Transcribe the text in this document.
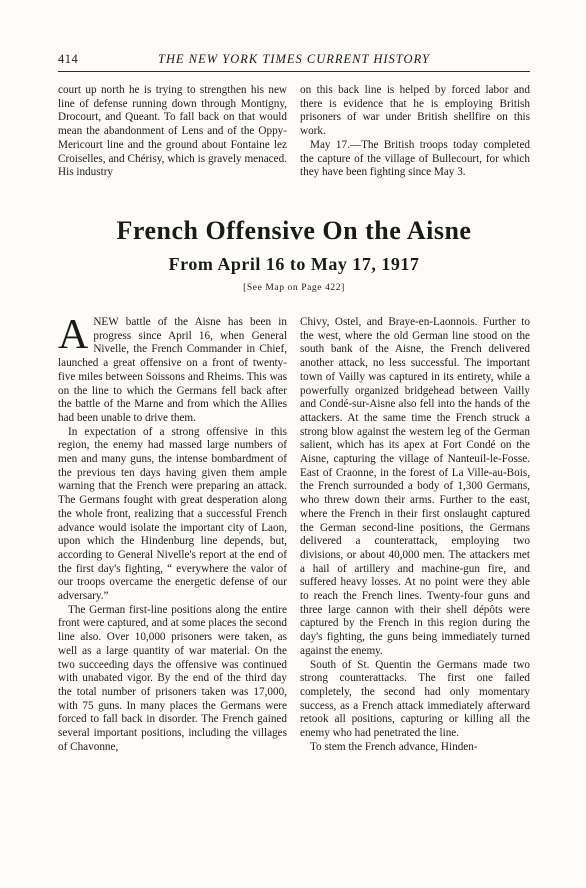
414	THE NEW YORK TIMES CURRENT HISTORY

court up north he is trying to strengthen his new line of defense running down through Montigny, Drocourt, and Queant. To fall back on that would mean the abandonment of Lens and of the Oppy-Mericourt line and the ground about Fontaine lez Croiselles, and Chérisy, which is gravely menaced. His industry

on this back line is helped by forced labor and there is evidence that he is employing British prisoners of war under British shellfire on this work.

May 17.—The British troops today completed the capture of the village of Bullecourt, for which they have been fighting since May 3.

French Offensive On the Aisne
From April 16 to May 17, 1917
[See Map on Page 422]

ANEW battle of the Aisne has been in progress since April 16, when General Nivelle, the French Commander in Chief, launched a great offensive on a front of twenty-five miles between Soissons and Rheims. This was on the line to which the Germans fell back after the battle of the Marne and from which the Allies had been unable to drive them.

In expectation of a strong offensive in this region, the enemy had massed large numbers of men and many guns, the intense bombardment of the previous ten days having given them ample warning that the French were preparing an attack. The Germans fought with great desperation along the whole front, realizing that a successful French advance would isolate the important city of Laon, upon which the Hindenburg line depends, but, according to General Nivelle's report at the end of the first day's fighting, “ everywhere the valor of our troops overcame the energetic defense of our adversary.”

The German first-line positions along the entire front were captured, and at some places the second line also. Over 10,000 prisoners were taken, as well as a large quantity of war material. On the two succeeding days the offensive was continued with unabated vigor. By the end of the third day the total number of prisoners taken was 17,000, with 75 guns. In many places the Germans were forced to fall back in disorder. The French gained several important positions, including the villages of Chavonne,

Chivy, Ostel, and Braye-en-Laonnois. Further to the west, where the old German line stood on the south bank of the Aisne, the French delivered another attack, no less successful. The important town of Vailly was captured in its entirety, while a powerfully organized bridgehead between Vailly and Condé-sur-Aisne also fell into the hands of the attackers. At the same time the French struck a strong blow against the western leg of the German salient, which has its apex at Fort Condé on the Aisne, capturing the village of Nanteuil-le-Fosse. East of Craonne, in the forest of La Ville-au-Bois, the French surrounded a body of 1,300 Germans, who threw down their arms. Further to the east, where the French in their first onslaught captured the German second-line positions, the Germans delivered a counterattack, employing two divisions, or about 40,000 men. The attackers met a hail of artillery and machine-gun fire, and suffered heavy losses. At no point were they able to reach the French lines. Twenty-four guns and three large cannon with their shell dépôts were captured by the French in this region during the day's fighting, the guns being immediately turned against the enemy.

South of St. Quentin the Germans made two strong counterattacks. The first one failed completely, the second had only momentary success, as a French attack immediately afterward retook all positions, capturing or killing all the enemy who had penetrated the line.

To stem the French advance, Hinden-
